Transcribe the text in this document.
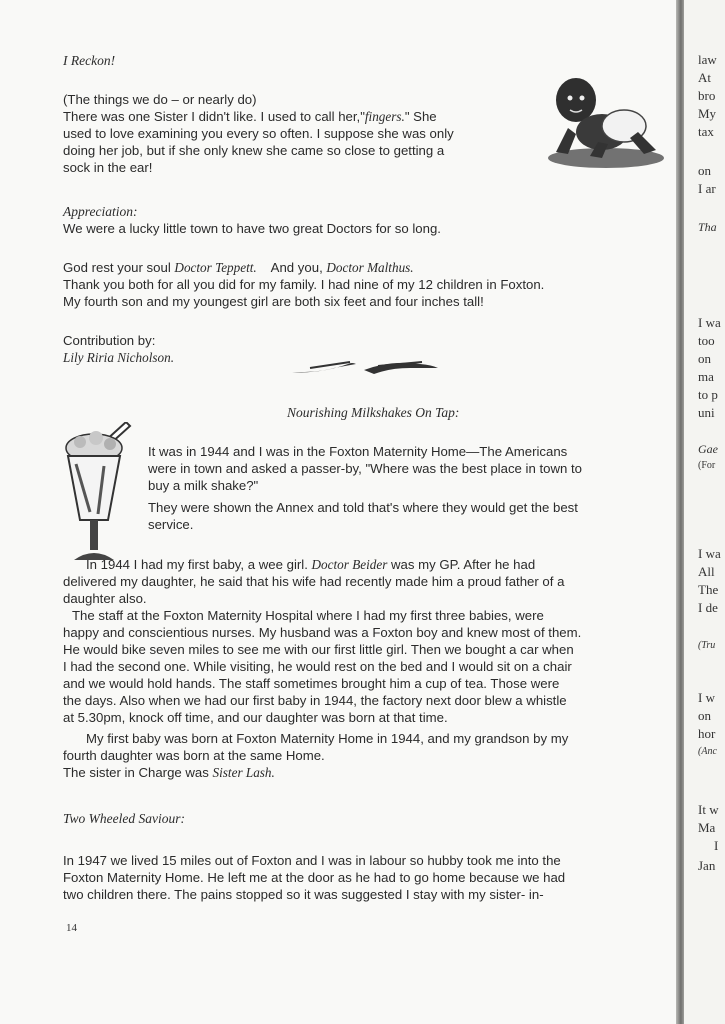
I Reckon!
(The things we do – or nearly do)
There was one Sister I didn't like. I used to call her,"fingers." She
used to love examining you every so often. I suppose she was only
doing her job, but if she only knew she came so close to getting a
sock in the ear!
Appreciation:
We were a lucky little town to have two great Doctors for so long.
God rest your soul Doctor Teppett. And you, Doctor Malthus.
Thank you both for all you did for my family. I had nine of my 12 children in Foxton.
My fourth son and my youngest girl are both six feet and four inches tall!
Contribution by:
Lily Riria Nicholson.
Nourishing Milkshakes On Tap:
It was in 1944 and I was in the Foxton Maternity Home—The Americans
were in town and asked a passer-by, "Where was the best place in town to
buy a milk shake?"
They were shown the Annex and told that's where they would get the best
service.
In 1944 I had my first baby, a wee girl. Doctor Beider was my GP. After he had
delivered my daughter, he said that his wife had recently made him a proud father of a
daughter also.
The staff at the Foxton Maternity Hospital where I had my first three babies, were
happy and conscientious nurses. My husband was a Foxton boy and knew most of them.
He would bike seven miles to see me with our first little girl. Then we bought a car when
I had the second one. While visiting, he would rest on the bed and I would sit on a chair
and we would hold hands. The staff sometimes brought him a cup of tea. Those were
the days. Also when we had our first baby in 1944, the factory next door blew a whistle
at 5.30pm, knock off time, and our daughter was born at that time.
My first baby was born at Foxton Maternity Home in 1944, and my grandson by my
fourth daughter was born at the same Home.
The sister in Charge was Sister Lash.
Two Wheeled Saviour:
In 1947 we lived 15 miles out of Foxton and I was in labour so hubby took me into the
Foxton Maternity Home. He left me at the door as he had to go home because we had
two children there. The pains stopped so it was suggested I stay with my sister- in-
14
law
At
bro
My
tax
on
I ar
Tha
I wa
too
on
ma
to p
uni
Gae
(For
I wa
All
The
I de
(Tru
I w
on
hor
(Anc
It w
Ma
I
Jan
